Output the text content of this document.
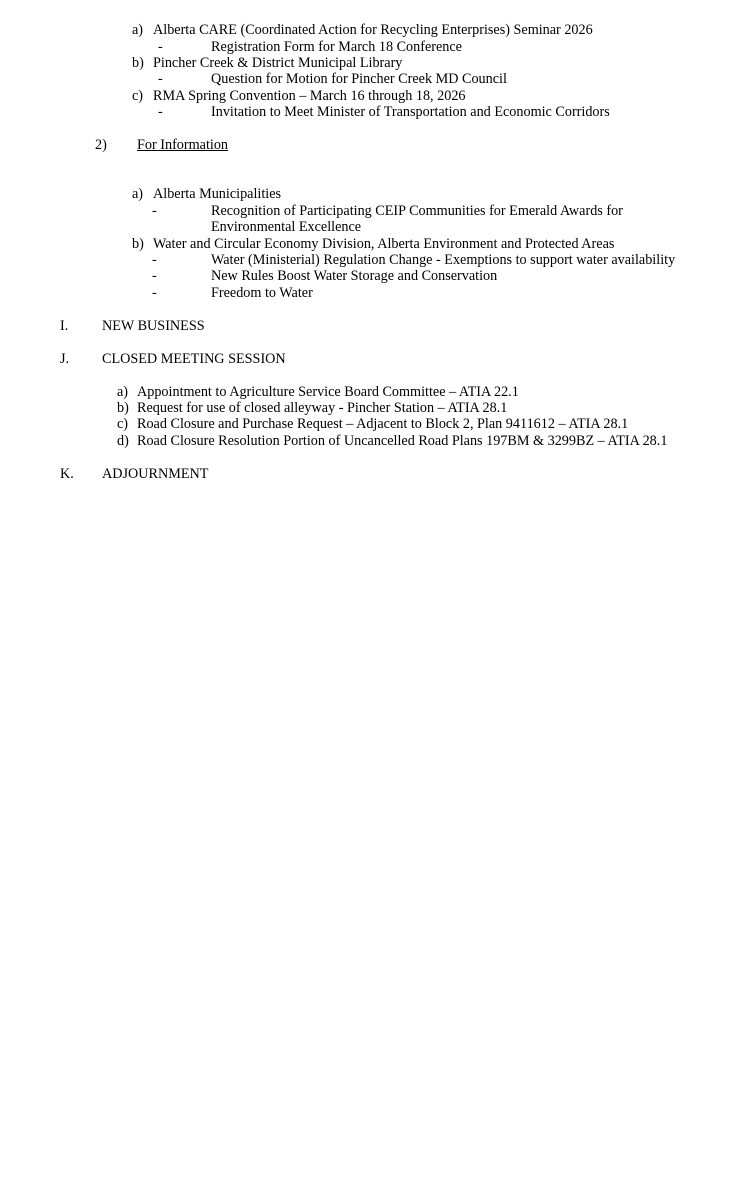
a) Alberta CARE (Coordinated Action for Recycling Enterprises) Seminar 2026
-	Registration Form for March 18 Conference
b) Pincher Creek & District Municipal Library
-	Question for Motion for Pincher Creek MD Council
c) RMA Spring Convention – March 16 through 18, 2026
-	Invitation to Meet Minister of Transportation and Economic Corridors
2) For Information
a) Alberta Municipalities
-	Recognition of Participating CEIP Communities for Emerald Awards for
Environmental Excellence
b) Water and Circular Economy Division, Alberta Environment and Protected Areas
-	Water (Ministerial) Regulation Change - Exemptions to support water availability
-	New Rules Boost Water Storage and Conservation
-	Freedom to Water
I. NEW BUSINESS
J. CLOSED MEETING SESSION
a) Appointment to Agriculture Service Board Committee – ATIA 22.1
b) Request for use of closed alleyway - Pincher Station – ATIA 28.1
c) Road Closure and Purchase Request – Adjacent to Block 2, Plan 9411612 – ATIA 28.1
d) Road Closure Resolution Portion of Uncancelled Road Plans 197BM & 3299BZ – ATIA 28.1
K. ADJOURNMENT
